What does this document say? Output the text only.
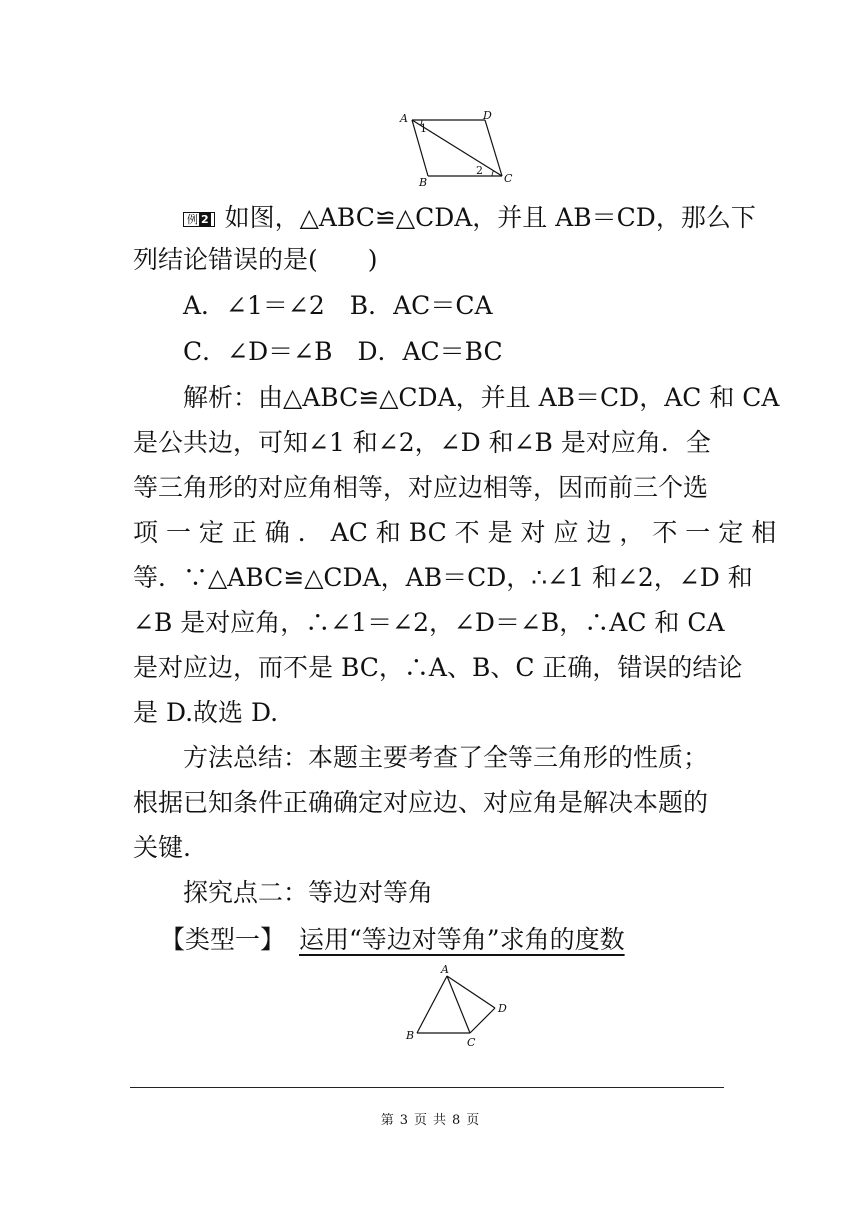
A
1
D
B
2
C
例 2 如图，△ABC≌△CDA，并且 AB＝CD，那么下
列结论错误的是(　　)
A．∠1＝∠2　B．AC＝CA
C．∠D＝∠B　D．AC＝BC
解析：由△ABC≌△CDA，并且 AB＝CD，AC 和 CA
是公共边，可知∠1 和∠2，∠D 和∠B 是对应角．全
等三角形的对应角相等，对应边相等，因而前三个选
项 一 定 正 确 ． AC 和 BC 不 是 对 应 边 ， 不 一 定 相
等．∵△ABC≌△CDA，AB＝CD，∴∠1 和∠2，∠D 和
∠B 是对应角，∴∠1＝∠2，∠D＝∠B，∴AC 和 CA
是对应边，而不是 BC，∴A、B、C 正确，错误的结论
是 D.故选 D.
方法总结：本题主要考查了全等三角形的性质；
根据已知条件正确确定对应边、对应角是解决本题的
关键.
探究点二：等边对等角
【类型一】 运用“等边对等角”求角的度数
A
D
B
C
第 3 页 共 8 页
